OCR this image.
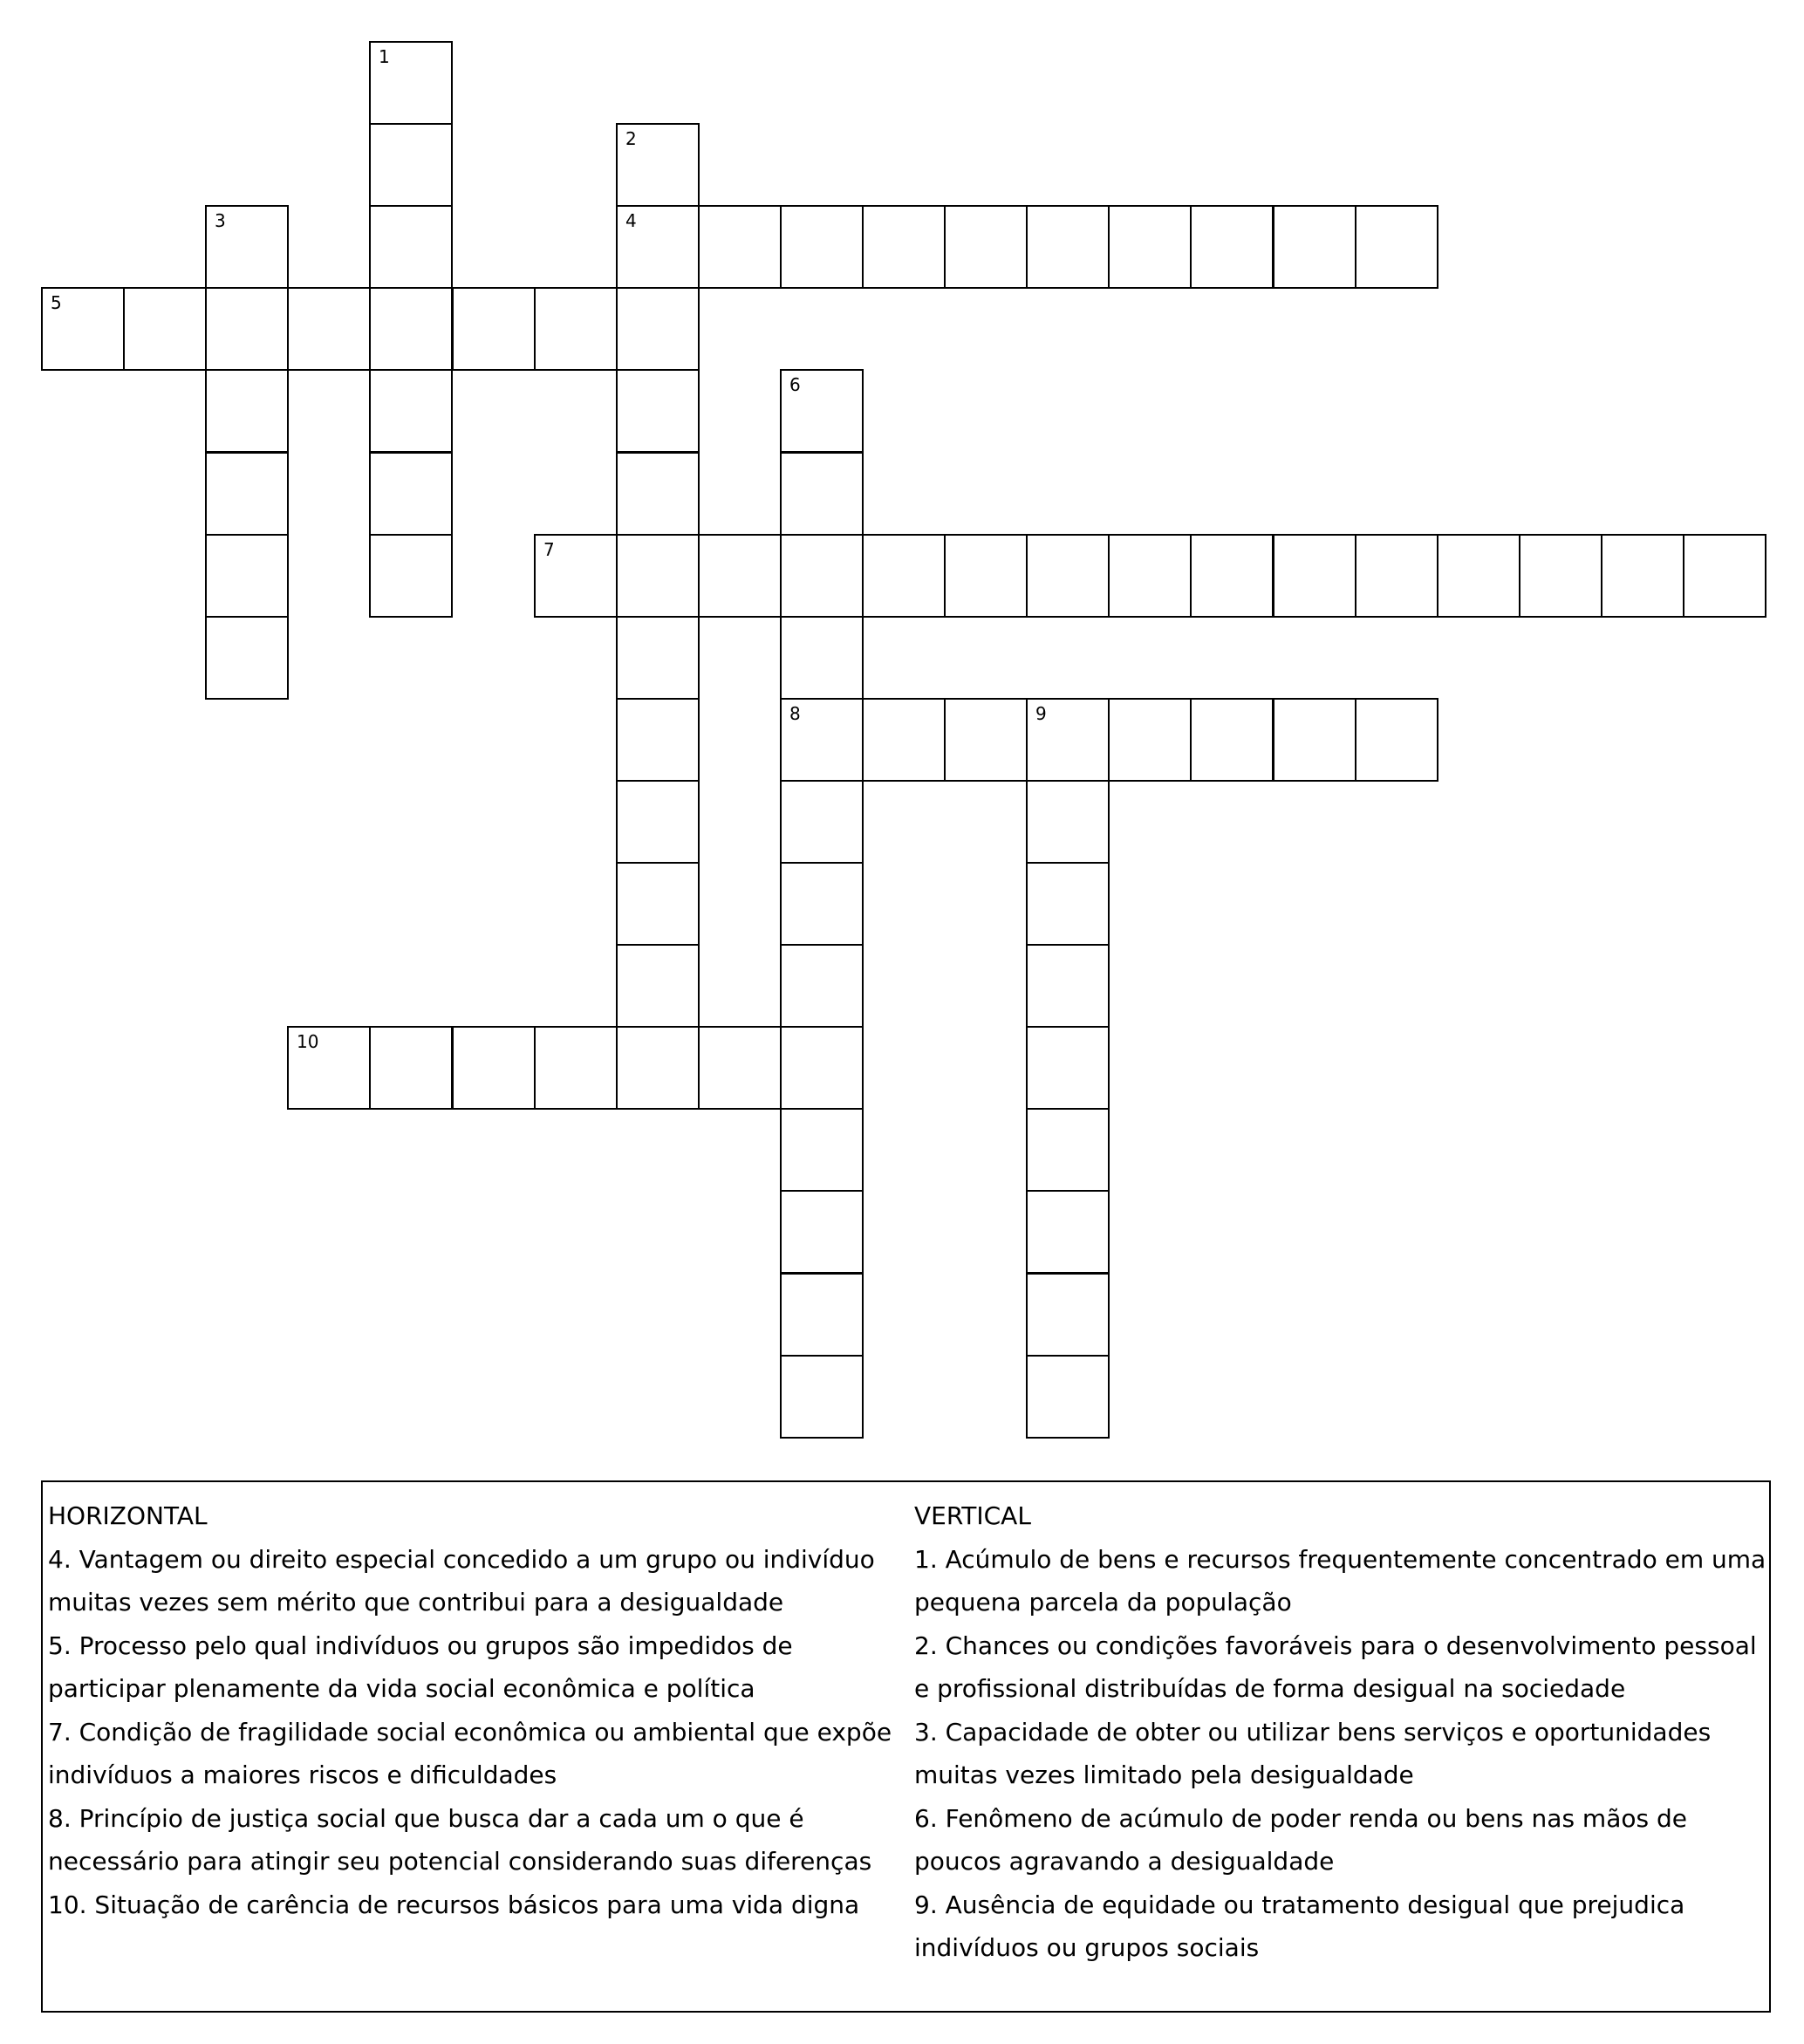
1
2
4
3
5
6
8
7
9
10
HORIZONTAL
4. Vantagem ou direito especial concedido a um grupo ou indivíduo muitas vezes sem mérito que contribui para a desigualdade
5. Processo pelo qual indivíduos ou grupos são impedidos de participar plenamente da vida social econômica e política
7. Condição de fragilidade social econômica ou ambiental que expõe indivíduos a maiores riscos e dificuldades
8. Princípio de justiça social que busca dar a cada um o que é necessário para atingir seu potencial considerando suas diferenças
10. Situação de carência de recursos básicos para uma vida digna
VERTICAL
1. Acúmulo de bens e recursos frequentemente concentrado em uma pequena parcela da população
2. Chances ou condições favoráveis para o desenvolvimento pessoal e profissional distribuídas de forma desigual na sociedade
3. Capacidade de obter ou utilizar bens serviços e oportunidades muitas vezes limitado pela desigualdade
6. Fenômeno de acúmulo de poder renda ou bens nas mãos de poucos agravando a desigualdade
9. Ausência de equidade ou tratamento desigual que prejudica indivíduos ou grupos sociais
